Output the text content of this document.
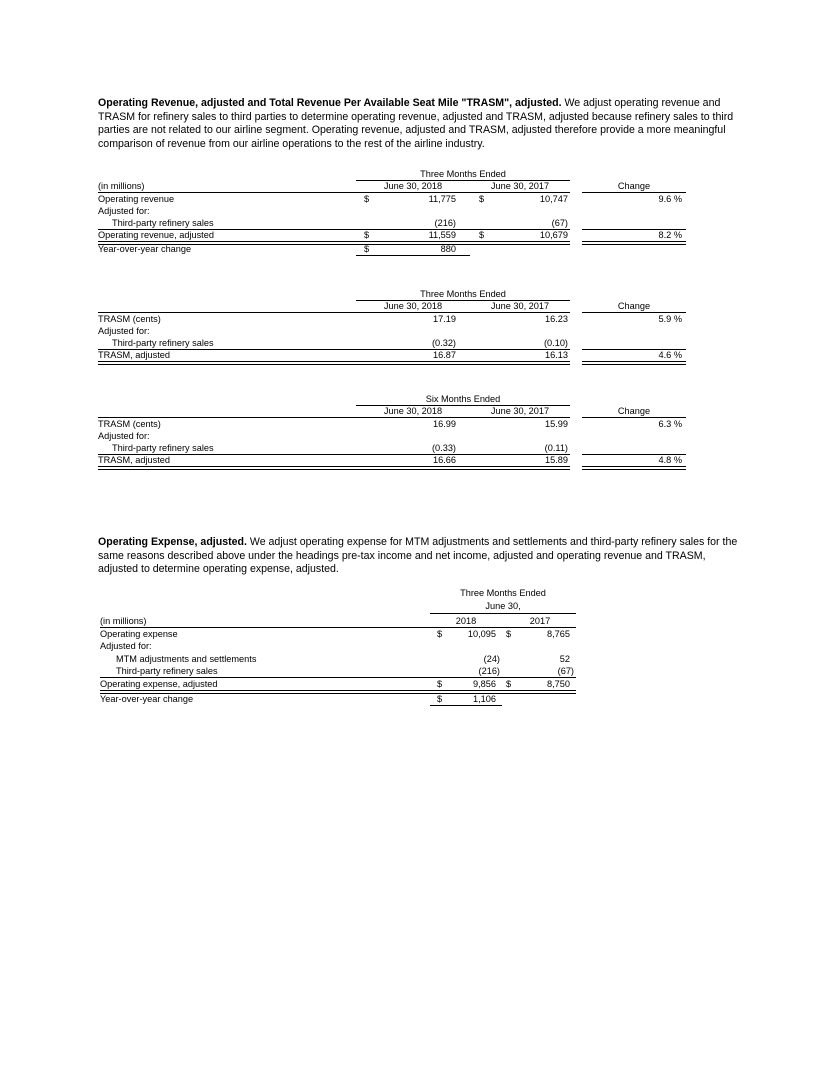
Operating Revenue, adjusted and Total Revenue Per Available Seat Mile "TRASM", adjusted. We adjust operating revenue and TRASM for refinery sales to third parties to determine operating revenue, adjusted and TRASM, adjusted because refinery sales to third parties are not related to our airline segment. Operating revenue, adjusted and TRASM, adjusted therefore provide a more meaningful comparison of revenue from our airline operations to the rest of the airline industry.
Three Months Ended
(in millions)	June 30, 2018	June 30, 2017	Change
Operating revenue	$	11,775	$	10,747	9.6 %
Adjusted for:
Third-party refinery sales	(216)	(67)
Operating revenue, adjusted	$	11,559	$	10,679	8.2 %
Year-over-year change	$	880
Three Months Ended
June 30, 2018	June 30, 2017	Change
TRASM (cents)	17.19	16.23	5.9 %
Adjusted for:
Third-party refinery sales	(0.32)	(0.10)
TRASM, adjusted	16.87	16.13	4.6 %
Six Months Ended
June 30, 2018	June 30, 2017	Change
TRASM (cents)	16.99	15.99	6.3 %
Adjusted for:
Third-party refinery sales	(0.33)	(0.11)
TRASM, adjusted	16.66	15.89	4.8 %
Operating Expense, adjusted. We adjust operating expense for MTM adjustments and settlements and third-party refinery sales for the same reasons described above under the headings pre-tax income and net income, adjusted and operating revenue and TRASM, adjusted to determine operating expense, adjusted.
Three Months Ended
June 30,
(in millions)	2018	2017
Operating expense	$	10,095 $	8,765
Adjusted for:
MTM adjustments and settlements	(24)	52
Third-party refinery sales	(216)	(67)
Operating expense, adjusted	$	9,856 $	8,750
Year-over-year change	$	1,106
